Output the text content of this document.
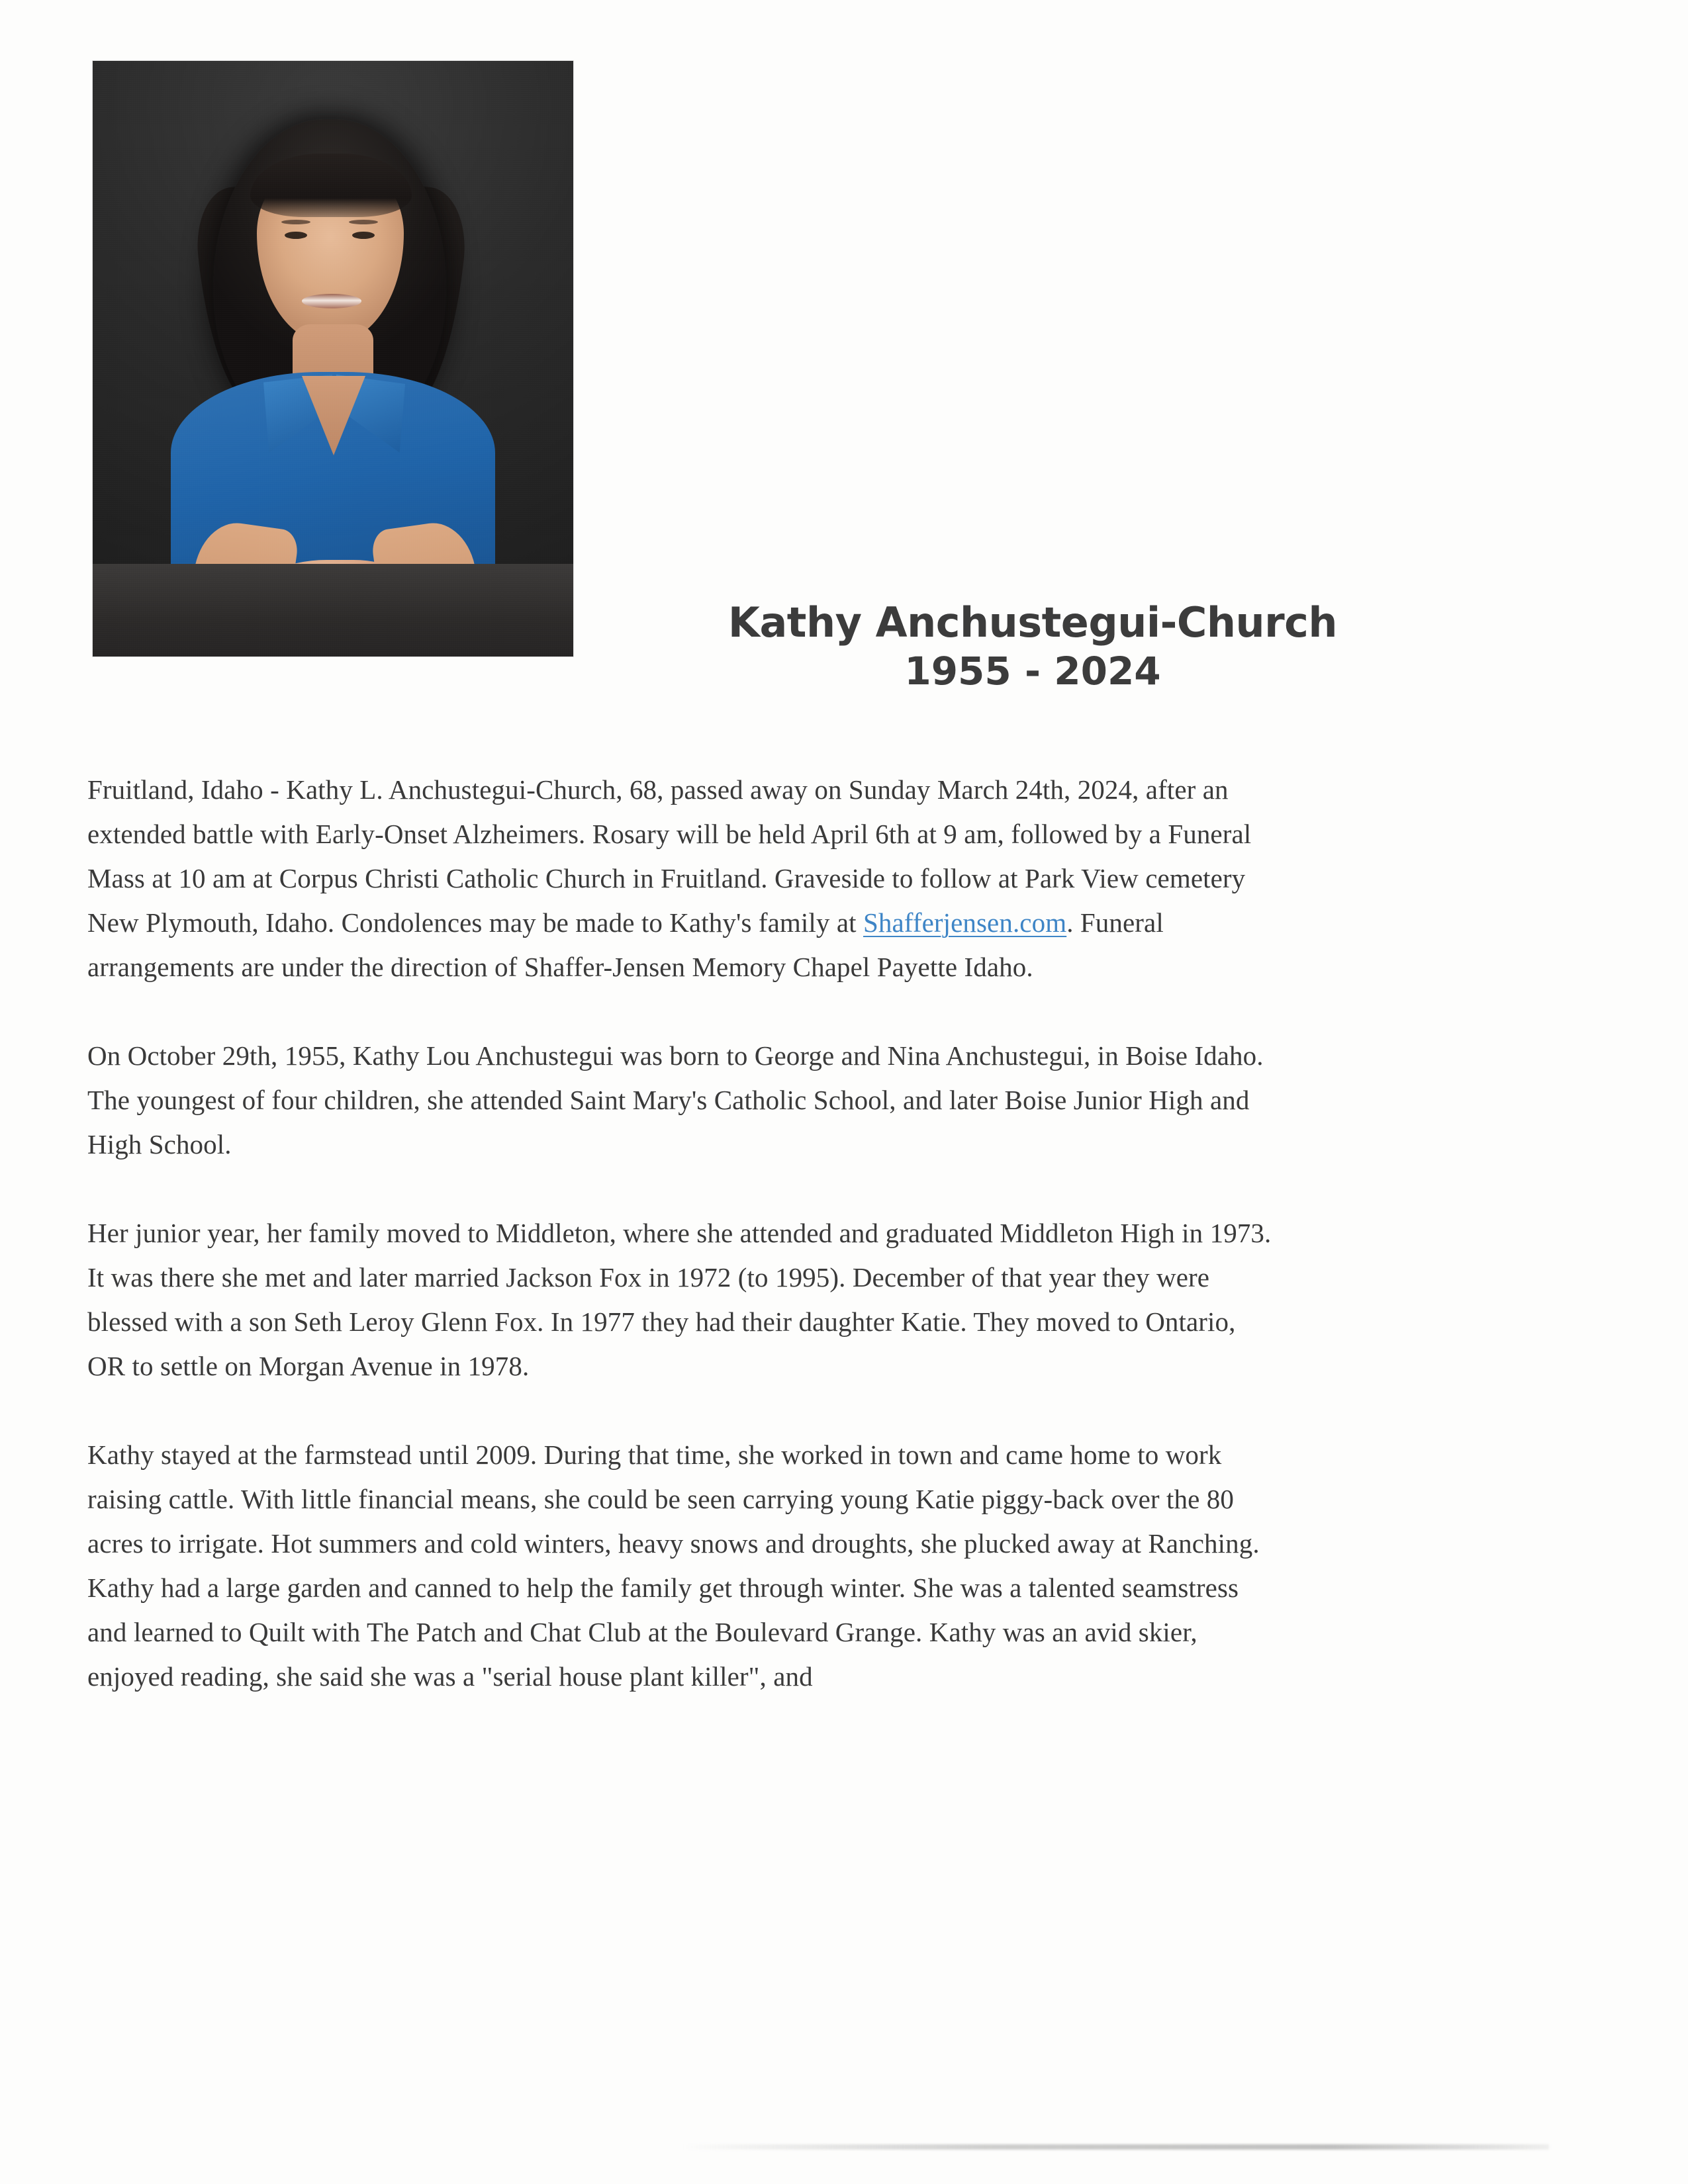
Kathy Anchustegui-Church
1955 - 2024

Fruitland, Idaho - Kathy L. Anchustegui-Church, 68, passed away on Sunday March 24th, 2024, after an extended battle with Early-Onset Alzheimers. Rosary will be held April 6th at 9 am, followed by a Funeral Mass at 10 am at Corpus Christi Catholic Church in Fruitland. Graveside to follow at Park View cemetery New Plymouth, Idaho. Condolences may be made to Kathy's family at Shafferjensen.com. Funeral arrangements are under the direction of Shaffer-Jensen Memory Chapel Payette Idaho.

On October 29th, 1955, Kathy Lou Anchustegui was born to George and Nina Anchustegui, in Boise Idaho. The youngest of four children, she attended Saint Mary's Catholic School, and later Boise Junior High and High School.

Her junior year, her family moved to Middleton, where she attended and graduated Middleton High in 1973. It was there she met and later married Jackson Fox in 1972 (to 1995). December of that year they were blessed with a son Seth Leroy Glenn Fox. In 1977 they had their daughter Katie. They moved to Ontario, OR to settle on Morgan Avenue in 1978.

Kathy stayed at the farmstead until 2009. During that time, she worked in town and came home to work raising cattle. With little financial means, she could be seen carrying young Katie piggy-back over the 80 acres to irrigate. Hot summers and cold winters, heavy snows and droughts, she plucked away at Ranching. Kathy had a large garden and canned to help the family get through winter. She was a talented seamstress and learned to Quilt with The Patch and Chat Club at the Boulevard Grange. Kathy was an avid skier, enjoyed reading, she said she was a "serial house plant killer", and
